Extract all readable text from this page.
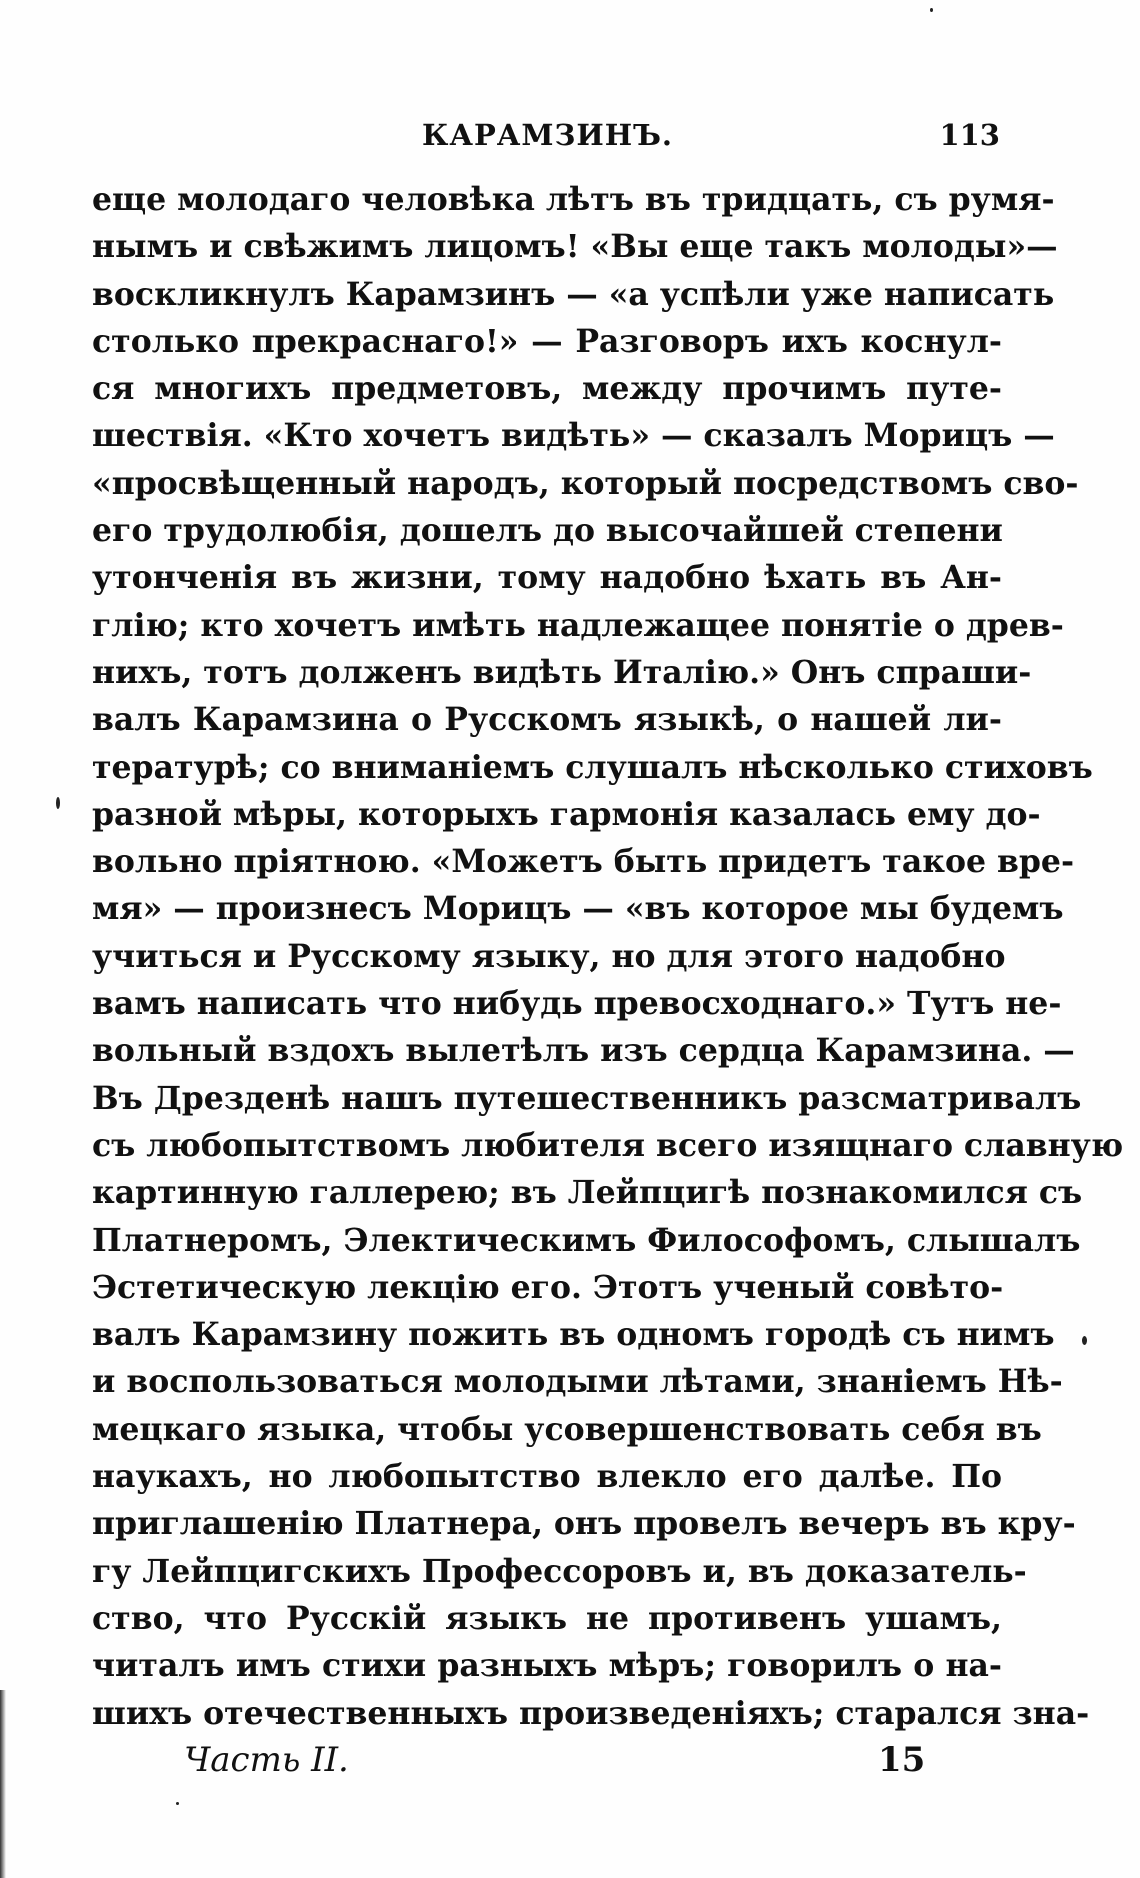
КАРАМЗИНЪ.	113
еще молодаго человѣка лѣтъ въ тридцать, съ румя-
нымъ и свѣжимъ лицомъ! «Вы еще такъ молоды»—
воскликнулъ Карамзинъ — «а успѣли уже написать
столько прекраснаго!» — Разговоръ ихъ коснул-
ся многихъ предметовъ, между прочимъ путе-
шествія. «Кто хочетъ видѣть» — сказалъ Морицъ —
«просвѣщенный народъ, который посредствомъ сво-
его трудолюбія, дошелъ до высочайшей степени
утонченія въ жизни, тому надобно ѣхать въ Ан-
глію; кто хочетъ имѣть надлежащее понятіе о древ-
нихъ, тотъ долженъ видѣть Италію.» Онъ спраши-
валъ Карамзина о Русскомъ языкѣ, о нашей ли-
тературѣ; со вниманіемъ слушалъ нѣсколько стиховъ
разной мѣры, которыхъ гармонія казалась ему до-
вольно пріятною. «Можетъ быть придетъ такое вре-
мя» — произнесъ Морицъ — «въ которое мы будемъ
учиться и Русскому языку, но для этого надобно
вамъ написать что нибудь превосходнаго.» Тутъ не-
вольный вздохъ вылетѣлъ изъ сердца Карамзина. —
Въ Дрезденѣ нашъ путешественникъ разсматривалъ
съ любопытствомъ любителя всего изящнаго славную
картинную галлерею; въ Лейпцигѣ познакомился съ
Платнеромъ, Электическимъ Философомъ, слышалъ
Эстетическую лекцію его. Этотъ ученый совѣто-
валъ Карамзину пожить въ одномъ городѣ съ нимъ
и воспользоваться молодыми лѣтами, знаніемъ Нѣ-
мецкаго языка, чтобы усовершенствовать себя въ
наукахъ, но любопытство влекло его далѣе. По
приглашенію Платнера, онъ провелъ вечеръ въ кру-
гу Лейпцигскихъ Профессоровъ и, въ доказатель-
ство, что Русскій языкъ не противенъ ушамъ,
читалъ имъ стихи разныхъ мѣръ; говорилъ о на-
шихъ отечественныхъ произведеніяхъ; старался зна-
Часть II.	15
